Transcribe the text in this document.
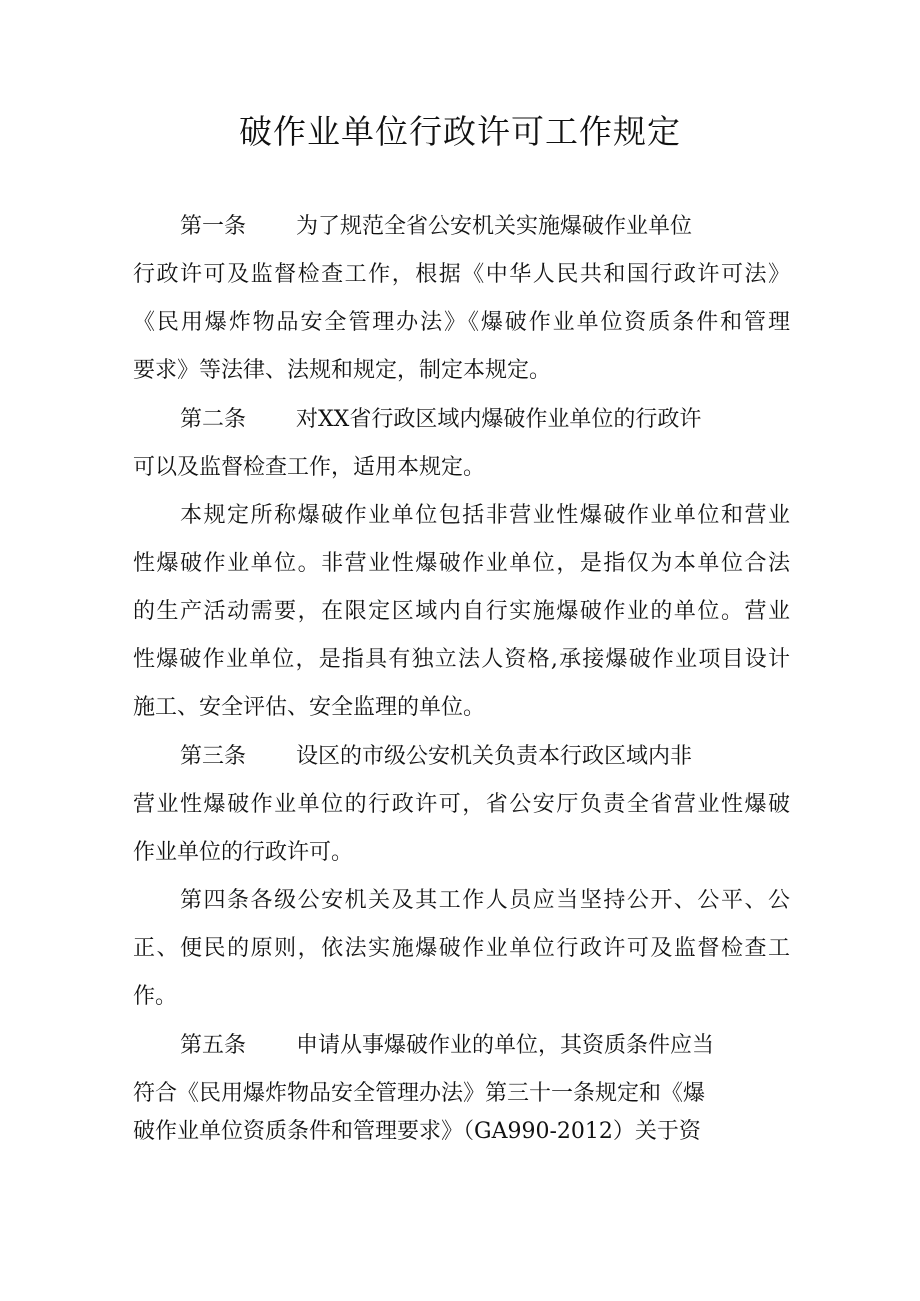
破作业单位行政许可工作规定
第一条 为了规范全省公安机关实施爆破作业单位
行政许可及监督检查工作，根据《中华人民共和国行政许可法》
《民用爆炸物品安全管理办法》《爆破作业单位资质条件和管理
要求》等法律、法规和规定，制定本规定。
第二条 对XX省行政区域内爆破作业单位的行政许
可以及监督检查工作，适用本规定。
本规定所称爆破作业单位包括非营业性爆破作业单位和营业
性爆破作业单位。非营业性爆破作业单位，是指仅为本单位合法
的生产活动需要，在限定区域内自行实施爆破作业的单位。营业
性爆破作业单位，是指具有独立法人资格,承接爆破作业项目设计
施工、安全评估、安全监理的单位。
第三条 设区的市级公安机关负责本行政区域内非
营业性爆破作业单位的行政许可，省公安厅负责全省营业性爆破
作业单位的行政许可。
第四条各级公安机关及其工作人员应当坚持公开、公平、公
正、便民的原则，依法实施爆破作业单位行政许可及监督检查工
作。
第五条 申请从事爆破作业的单位，其资质条件应当
符合《民用爆炸物品安全管理办法》第三十一条规定和《爆
破作业单位资质条件和管理要求》（GA990-2012）关于资
